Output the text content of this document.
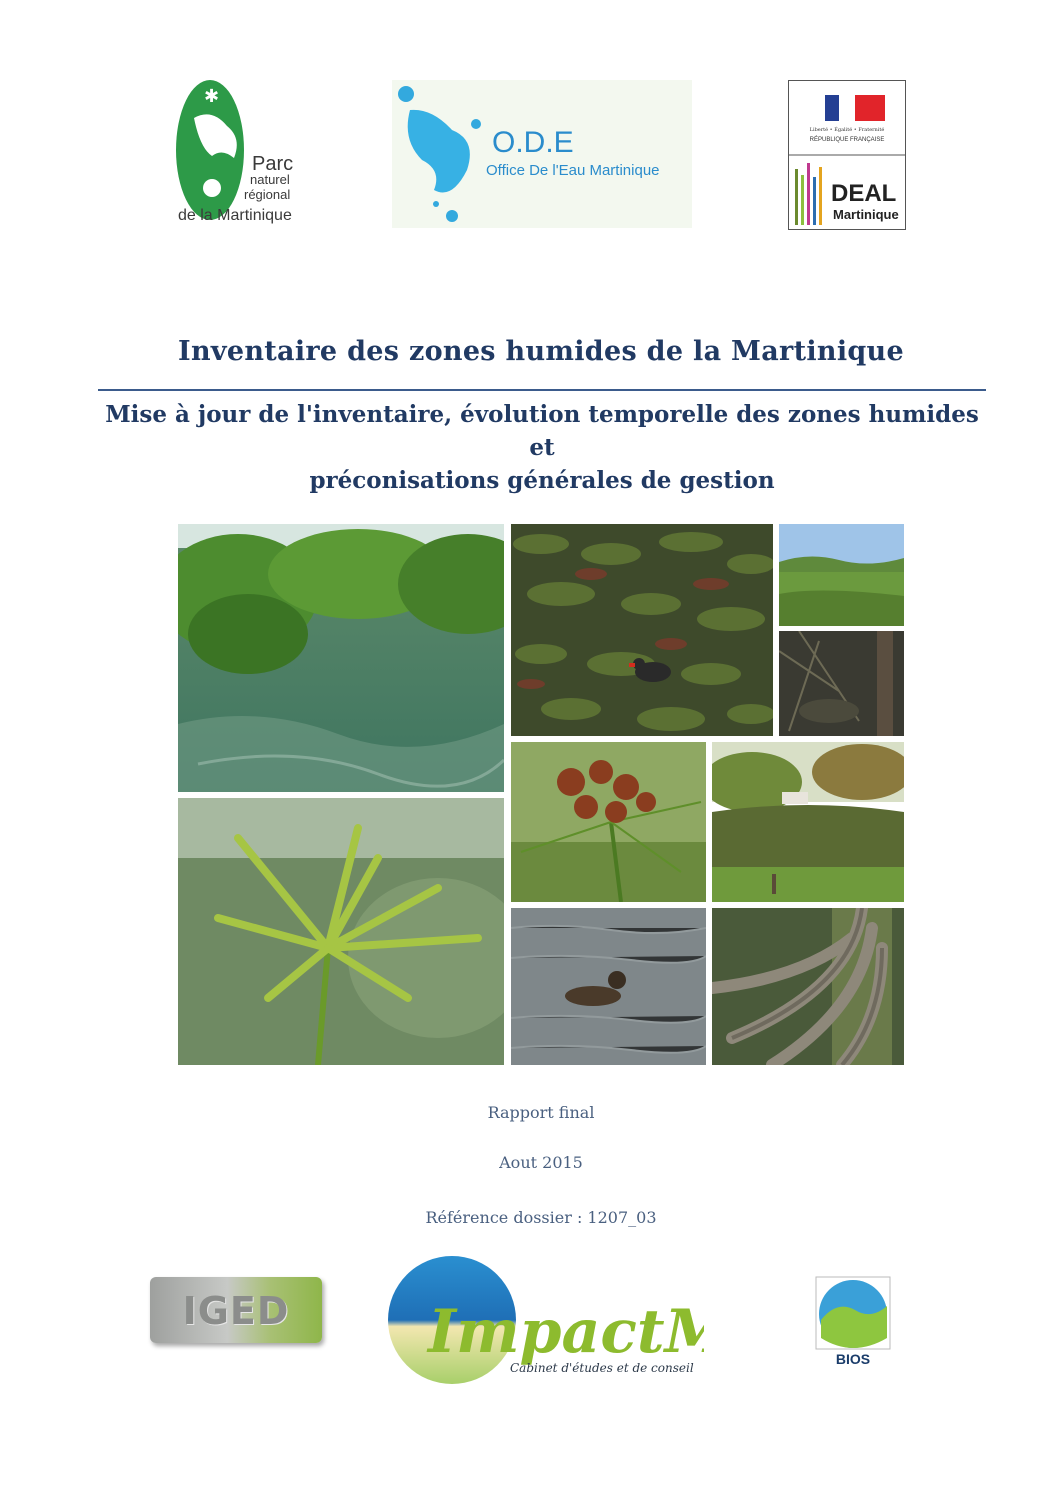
✱
Parc
naturel
régional
de la Martinique
O.D.E
Office De l'Eau Martinique
Liberté • Égalité • Fraternité
RÉPUBLIQUE FRANÇAISE
DEAL
Martinique
Inventaire des zones humides de la Martinique

Mise à jour de l'inventaire, évolution temporelle des zones humides et
préconisations générales de gestion

Rapport final

Aout 2015

Référence dossier : 1207_03

IGED	Impact
Cabinet d'études et de conseil
BIOS
